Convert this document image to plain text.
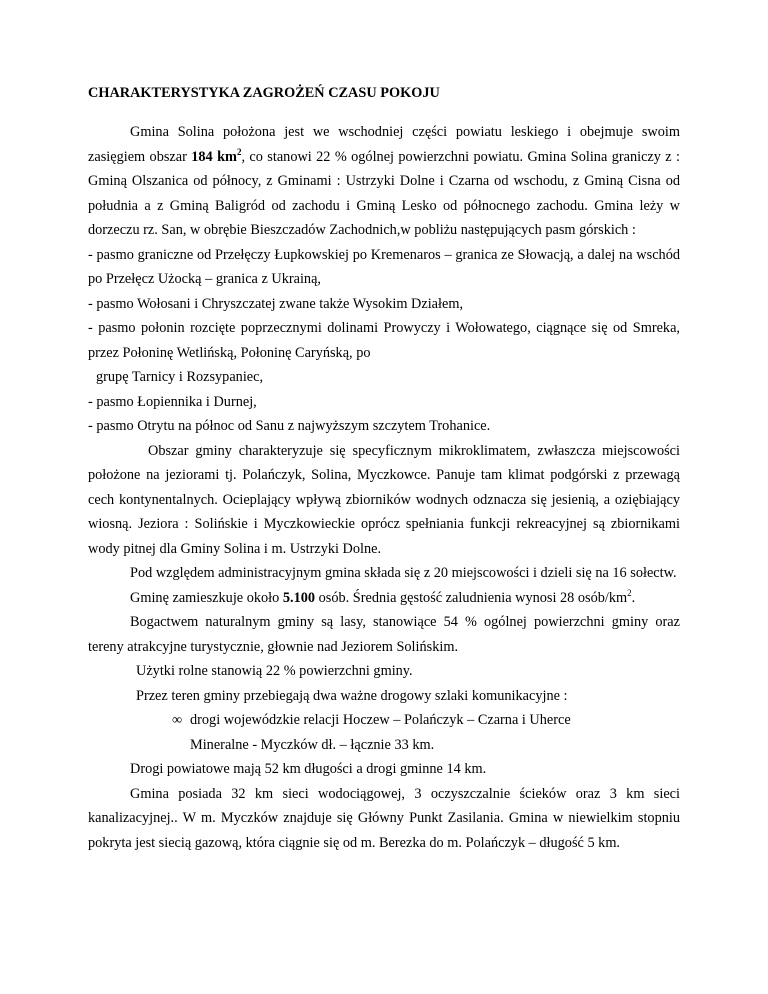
CHARAKTERYSTYKA ZAGROŻEŃ CZASU POKOJU

Gmina Solina położona jest we wschodniej części powiatu leskiego i obejmuje swoim zasięgiem obszar 184 $km^2$, co stanowi 22 % ogólnej powierzchni powiatu. Gmina Solina graniczy z : Gminą Olszanica od północy, z Gminami : Ustrzyki Dolne i Czarna od wschodu, z Gminą Cisna od południa a z Gminą Baligród od zachodu i Gminą Lesko od północnego zachodu. Gmina leży w dorzeczu rz. San, w obrębie Bieszczadów Zachodnich,w pobliżu następujących pasm górskich :

- pasmo graniczne od Przełęczy Łupkowskiej po Kremenaros – granica ze Słowacją, a dalej na wschód po Przełęcz Użocką – granica z Ukrainą,

- pasmo Wołosani i Chryszczatej zwane także Wysokim Działem,

- pasmo połonin rozcięte poprzecznymi dolinami Prowyczy i Wołowatego, ciągnące się od Smreka, przez Połoninę Wetlińską, Połoninę Caryńską, po

grupę Tarnicy i Rozsypaniec,

- pasmo Łopiennika i Durnej,

- pasmo Otrytu na północ od Sanu z najwyższym szczytem Trohanice.

Obszar gminy charakteryzuje się specyficznym mikroklimatem, zwłaszcza miejscowości położone na jeziorami tj. Polańczyk, Solina, Myczkowce. Panuje tam klimat podgórski z przewagą cech kontynentalnych. Ocieplający wpływą zbiorników wodnych odznacza się jesienią, a oziębiający wiosną. Jeziora : Solińskie i Myczkowieckie oprócz spełniania funkcji rekreacyjnej są zbiornikami wody pitnej dla Gminy Solina i m. Ustrzyki Dolne.

Pod względem administracyjnym gmina składa się z 20 miejscowości i dzieli się na 16 sołectw.

Gminę zamieszkuje około 5.100 osób. Średnia gęstość zaludnienia wynosi 28 osób/$km^2$.

Bogactwem naturalnym gminy są lasy, stanowiące 54 % ogólnej powierzchni gminy oraz tereny atrakcyjne turystycznie, głownie nad Jeziorem Solińskim.

Użytki rolne stanowią 22 % powierzchni gminy.

Przez teren gminy przebiegają dwa ważne drogowy szlaki komunikacyjne :

∞ drogi wojewódzkie relacji Hoczew – Polańczyk – Czarna i Uherce

Mineralne - Myczków dł. – łącznie 33 km.

Drogi powiatowe mają 52 km długości a drogi gminne 14 km.

Gmina posiada 32 km sieci wodociągowej, 3 oczyszczalnie ścieków oraz 3 km sieci kanalizacyjnej.. W m. Myczków znajduje się Główny Punkt Zasilania. Gmina w niewielkim stopniu pokryta jest siecią gazową, która ciągnie się od m. Berezka do m. Polańczyk – długość 5 km.
